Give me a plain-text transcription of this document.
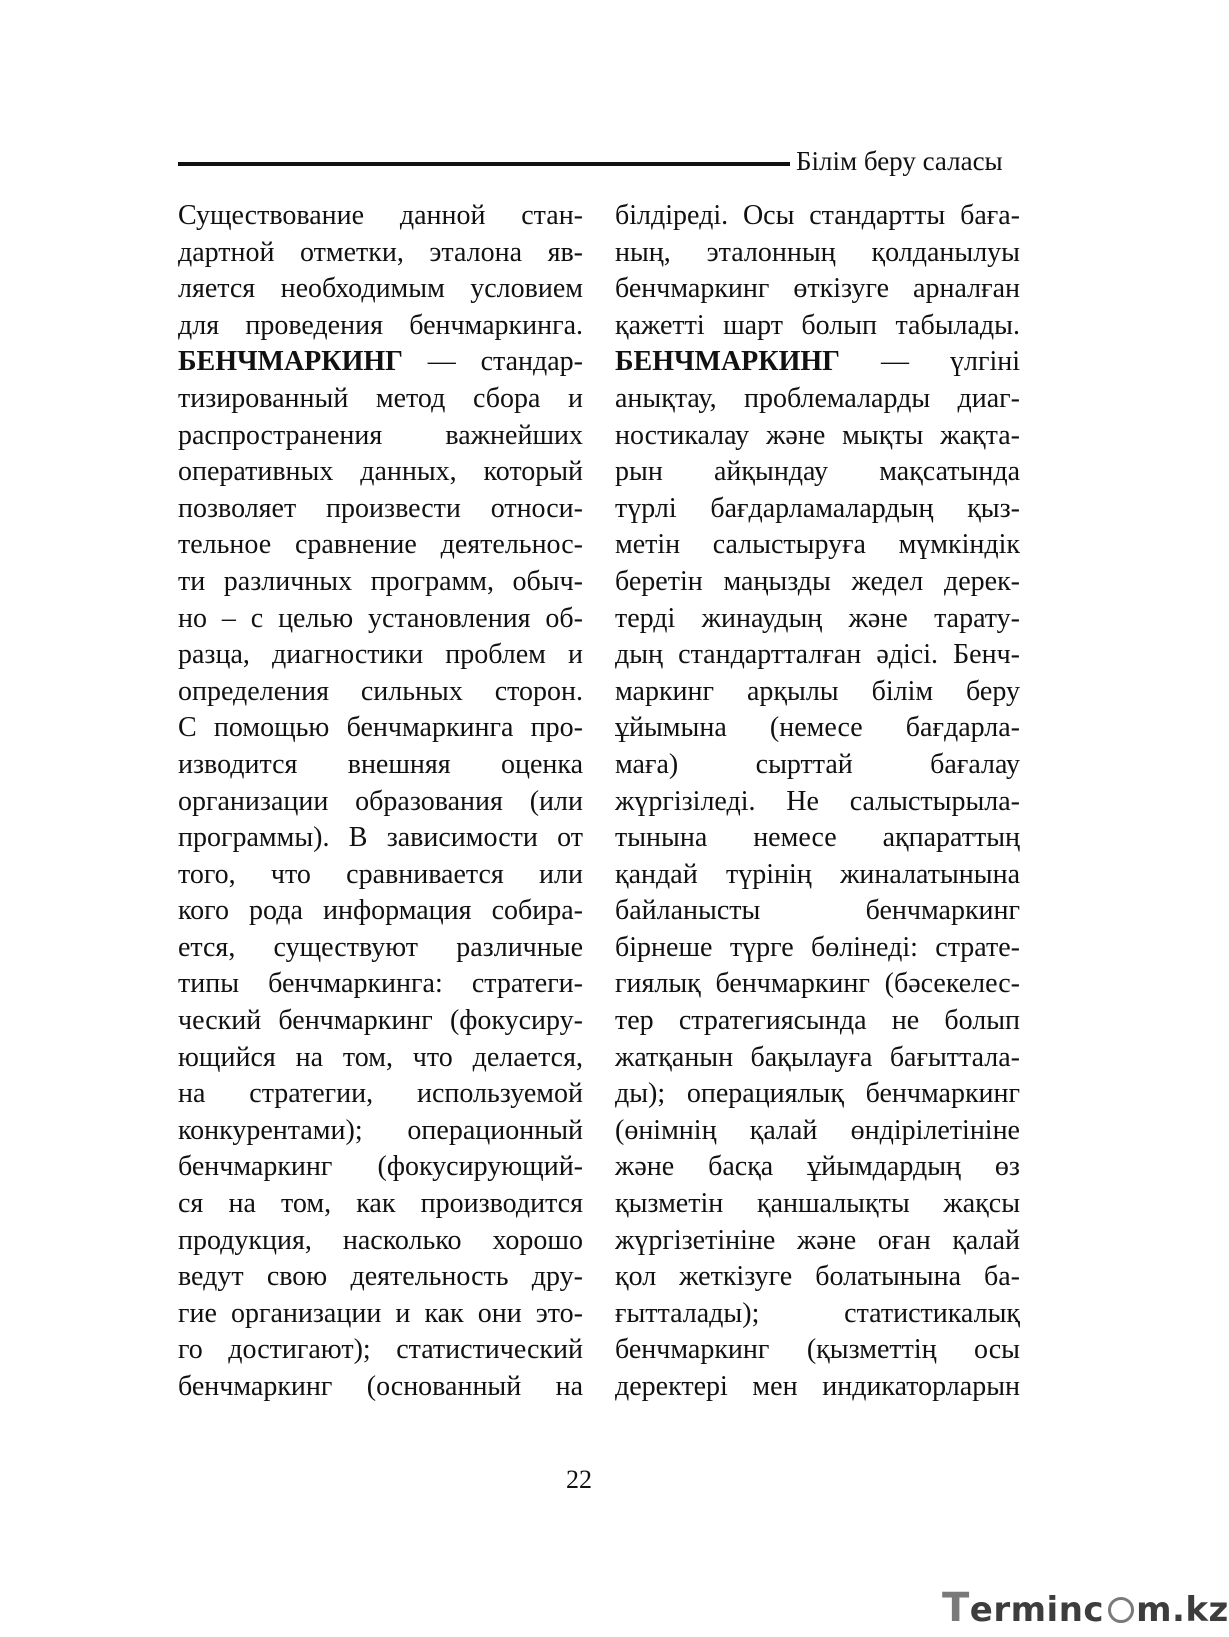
Білім беру саласы
Существование данной стан-
дартной отметки, эталона яв-
ляется необходимым условием
для проведения бенчмаркинга.
БЕНЧМАРКИНГ — стандар-
тизированный метод сбора и
распространения важнейших
оперативных данных, который
позволяет произвести относи-
тельное сравнение деятельнос-
ти различных программ, обыч-
но – с целью установления об-
разца, диагностики проблем и
определения сильных сторон.
С помощью бенчмаркинга про-
изводится внешняя оценка
организации образования (или
программы). В зависимости от
того, что сравнивается или
кого рода информация собира-
ется, существуют различные
типы бенчмаркинга: стратеги-
ческий бенчмаркинг (фокусиру-
ющийся на том, что делается,
на стратегии, используемой
конкурентами); операционный
бенчмаркинг (фокусирующий-
ся на том, как производится
продукция, насколько хорошо
ведут свою деятельность дру-
гие организации и как они это-
го достигают); статистический
бенчмаркинг (основанный на
білдіреді. Осы стандартты баға-
ның, эталонның қолданылуы
бенчмаркинг өткізуге арналған
қажетті шарт болып табылады.
БЕНЧМАРКИНГ — үлгіні
анықтау, проблемаларды диаг-
ностикалау және мықты жақта-
рын айқындау мақсатында
түрлі бағдарламалардың қыз-
метін салыстыруға мүмкіндік
беретін маңызды жедел дерек-
терді жинаудың және тарату-
дың стандартталған әдісі. Бенч-
маркинг арқылы білім беру
ұйымына (немесе бағдарла-
маға) сырттай бағалау
жүргізіледі. Не салыстырыла-
тынына немесе ақпараттың
қандай түрінің жиналатынына
байланысты бенчмаркинг
бірнеше түрге бөлінеді: страте-
гиялық бенчмаркинг (бәсекелес-
тер стратегиясында не болып
жатқанын бақылауға бағыттала-
ды); операциялық бенчмаркинг
(өнімнің қалай өндірілетініне
және басқа ұйымдардың өз
қызметін қаншалықты жақсы
жүргізетініне және оған қалай
қол жеткізуге болатынына ба-
ғытталады); статистикалық
бенчмаркинг (қызметтің осы
деректері мен индикаторларын
22
Terminc m.kz
